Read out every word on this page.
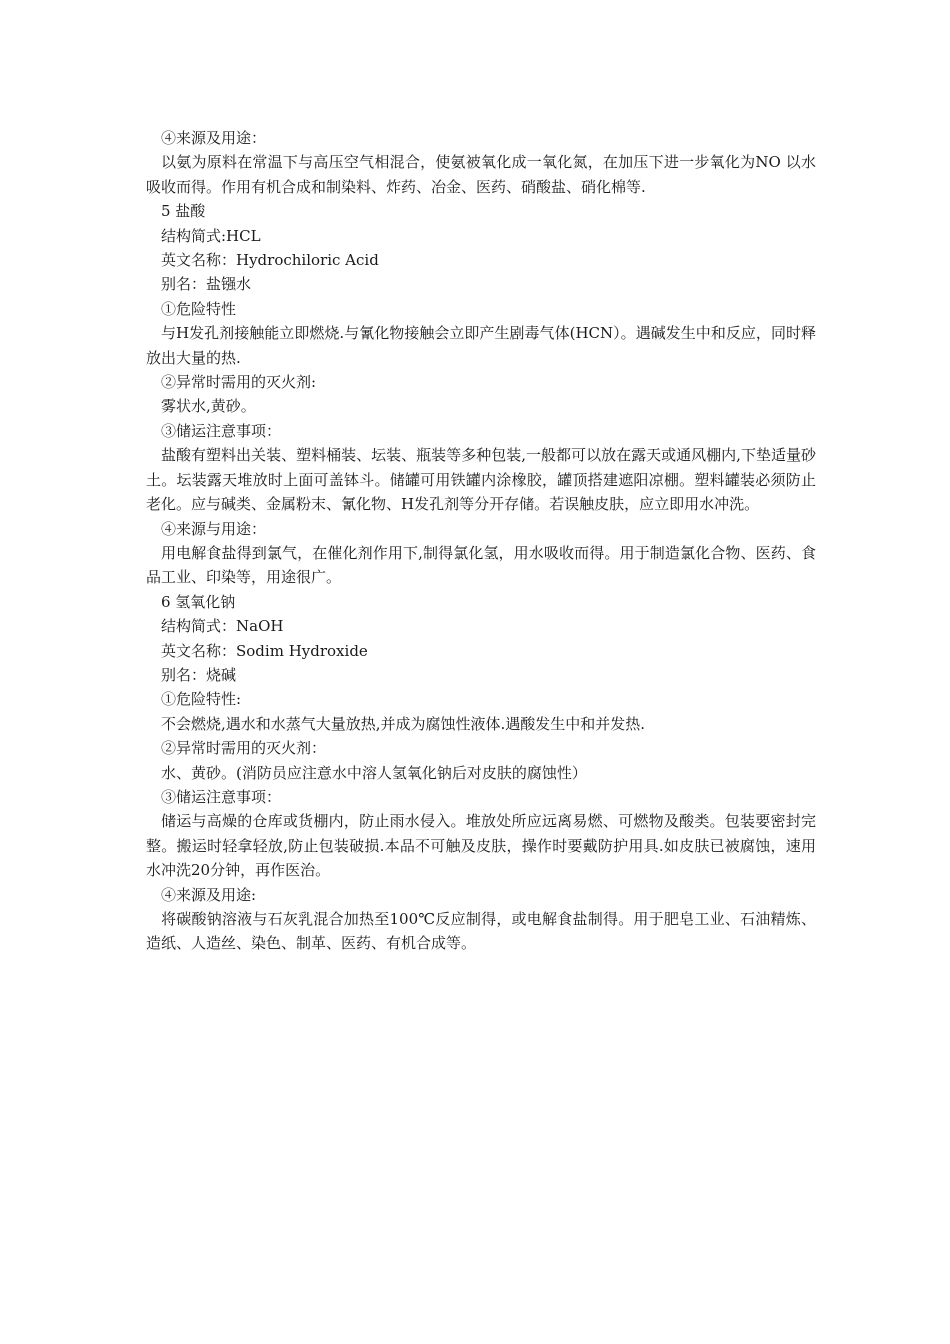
④来源及用途：

以氨为原料在常温下与高压空气相混合，使氨被氧化成一氧化氮，在加压下进一步氧化为NO 以水吸收而得。作用有机合成和制染料、炸药、冶金、医药、硝酸盐、硝化棉等.

5 盐酸

结构简式:HCL

英文名称：Hydrochiloric Acid

别名：盐镪水

①危险特性

与H发孔剂接触能立即燃烧.与氰化物接触会立即产生剧毒气体(HCN）。遇碱发生中和反应，同时释放出大量的热.

②异常时需用的灭火剂:

雾状水,黄砂。

③储运注意事项：

盐酸有塑料出关装、塑料桶装、坛装、瓶装等多种包装,一般都可以放在露天或通风棚内,下垫适量砂土。坛装露天堆放时上面可盖钵斗。储罐可用铁罐内涂橡胶，罐顶搭建遮阳凉棚。塑料罐装必须防止老化。应与碱类、金属粉末、氰化物、H发孔剂等分开存储。若误触皮肤，应立即用水冲洗。

④来源与用途：

用电解食盐得到氯气，在催化剂作用下,制得氯化氢，用水吸收而得。用于制造氯化合物、医药、食品工业、印染等，用途很广。

6 氢氧化钠

结构简式：NaOH

英文名称：Sodim Hydroxide

别名：烧碱

①危险特性:

不会燃烧,遇水和水蒸气大量放热,并成为腐蚀性液体.遇酸发生中和并发热.

②异常时需用的灭火剂：

水、黄砂。(消防员应注意水中溶人氢氧化钠后对皮肤的腐蚀性）

③储运注意事项：

储运与高燥的仓库或货棚内，防止雨水侵入。堆放处所应远离易燃、可燃物及酸类。包装要密封完整。搬运时轻拿轻放,防止包装破损.本品不可触及皮肤，操作时要戴防护用具.如皮肤已被腐蚀，速用水冲洗20分钟，再作医治。

④来源及用途:

将碳酸钠溶液与石灰乳混合加热至100℃反应制得，或电解食盐制得。用于肥皂工业、石油精炼、造纸、人造丝、染色、制革、医药、有机合成等。
